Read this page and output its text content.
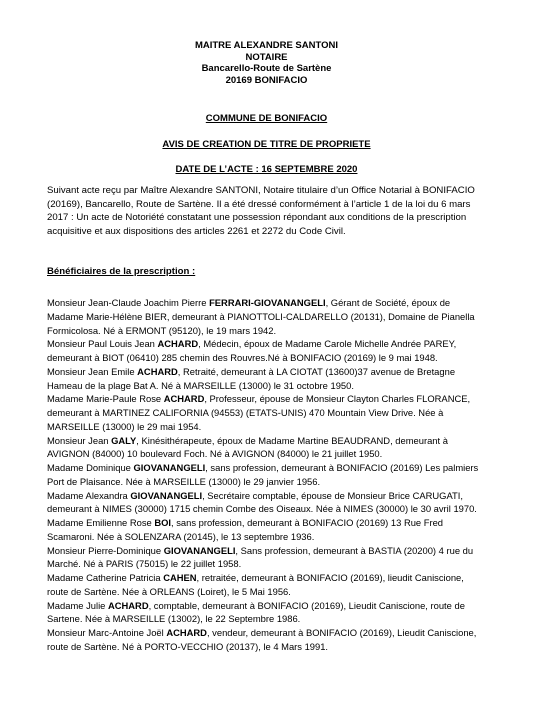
MAITRE ALEXANDRE SANTONI
NOTAIRE
Bancarello-Route de Sartène
20169 BONIFACIO
COMMUNE DE BONIFACIO
AVIS DE CREATION DE TITRE DE PROPRIETE
DATE DE L’ACTE : 16 SEPTEMBRE 2020
Suivant acte reçu par Maître Alexandre SANTONI, Notaire titulaire d’un Office Notarial à BONIFACIO
(20169), Bancarello, Route de Sartène. Il a été dressé conformément à l’article 1 de la loi du 6 mars
2017 : Un acte de Notoriété constatant une possession répondant aux conditions de la prescription
acquisitive et aux dispositions des articles 2261 et 2272 du Code Civil.
Bénéficiaires de la prescription :
Monsieur Jean-Claude Joachim Pierre FERRARI-GIOVANANGELI, Gérant de Société, époux de
Madame Marie-Hélène BIER, demeurant à PIANOTTOLI-CALDARELLO (20131), Domaine de Pianella
Formicolosa. Né à ERMONT (95120), le 19 mars 1942.
Monsieur Paul Louis Jean ACHARD, Médecin, époux de Madame Carole Michelle Andrée PAREY,
demeurant à BIOT (06410) 285 chemin des Rouvres.Né à BONIFACIO (20169) le 9 mai 1948.
Monsieur Jean Emile ACHARD, Retraité, demeurant à LA CIOTAT (13600)37 avenue de Bretagne
Hameau de la plage Bat A. Né à MARSEILLE (13000) le 31 octobre 1950.
Madame Marie-Paule Rose ACHARD, Professeur, épouse de Monsieur Clayton Charles FLORANCE,
demeurant à MARTINEZ CALIFORNIA (94553) (ETATS-UNIS) 470 Mountain View Drive. Née à
MARSEILLE (13000) le 29 mai 1954.
Monsieur Jean GALY, Kinésithérapeute, époux de Madame Martine BEAUDRAND, demeurant à
AVIGNON (84000) 10 boulevard Foch. Né à AVIGNON (84000) le 21 juillet 1950.
Madame Dominique GIOVANANGELI, sans profession, demeurant à BONIFACIO (20169) Les palmiers
Port de Plaisance. Née à MARSEILLE (13000) le 29 janvier 1956.
Madame Alexandra GIOVANANGELI, Secrétaire comptable, épouse de Monsieur Brice CARUGATI,
demeurant à NIMES (30000) 1715 chemin Combe des Oiseaux. Née à NIMES (30000) le 30 avril 1970.
Madame Emilienne Rose BOI, sans profession, demeurant à BONIFACIO (20169) 13 Rue Fred
Scamaroni. Née à SOLENZARA (20145), le 13 septembre 1936.
Monsieur Pierre-Dominique GIOVANANGELI, Sans profession, demeurant à BASTIA (20200) 4 rue du
Marché. Né à PARIS (75015) le 22 juillet 1958.
Madame Catherine Patricia CAHEN, retraitée, demeurant à BONIFACIO (20169), lieudit Caniscione,
route de Sartène. Née à ORLEANS (Loiret), le 5 Mai 1956.
Madame Julie ACHARD, comptable, demeurant à BONIFACIO (20169), Lieudit Caniscione, route de
Sartene. Née à MARSEILLE (13002), le 22 Septembre 1986.
Monsieur Marc-Antoine Joël ACHARD, vendeur, demeurant à BONIFACIO (20169), Lieudit Caniscione,
route de Sartène. Né à PORTO-VECCHIO (20137), le 4 Mars 1991.
